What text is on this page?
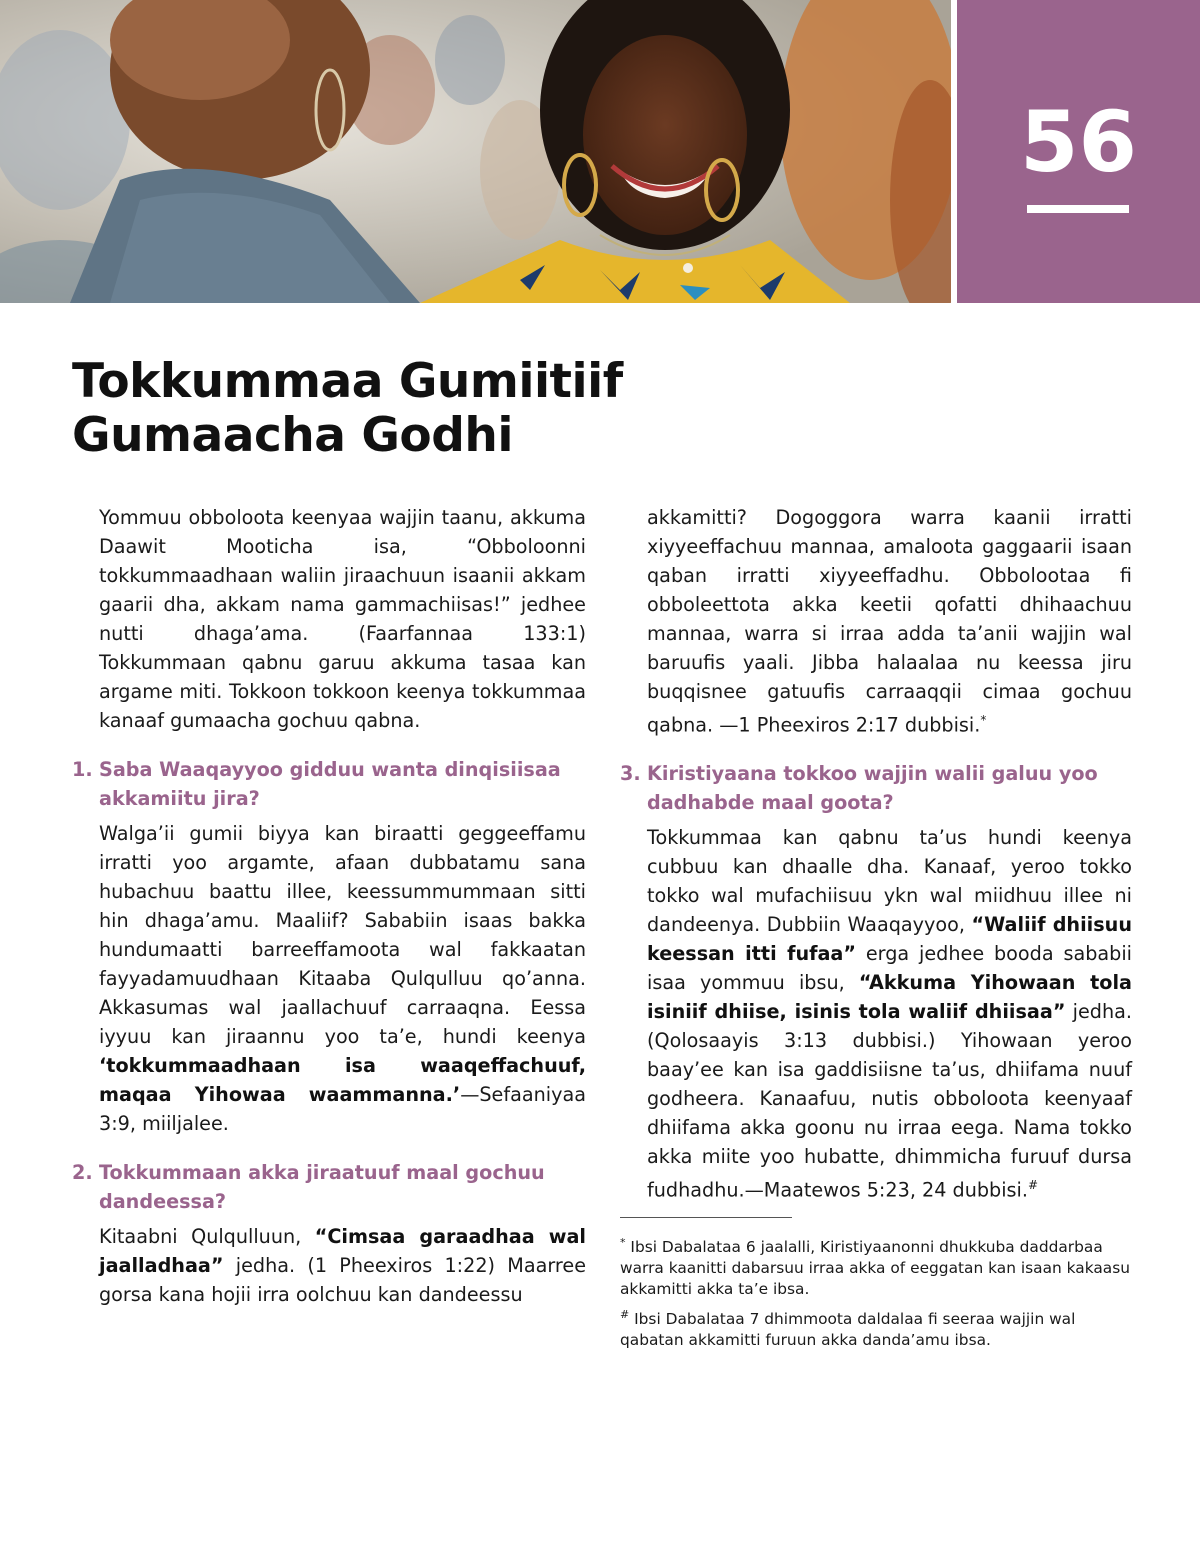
56
Tokkummaa Gumiitiif
Gumaacha Godhi

Yommuu obboloota keenyaa wajjin taanu, akkuma Daawit Mooticha isa, “Obboloonni tokkummaadhaan waliin jiraachuun isaanii akkam gaarii dha, akkam nama gammachiisas!” jedhee nutti dhaga’ama. (Faarfannaa 133:1) Tokkummaan qabnu garuu akkuma tasaa kan argame miti. Tokkoon tokkoon keenya tokkummaa kanaaf gumaacha gochuu qabna.

1. Saba Waaqayyoo gidduu wanta dinqisiisaa akkamiitu jira?

Walga’ii gumii biyya kan biraatti geggeeffamu irratti yoo argamte, afaan dubbatamu sana hubachuu baattu illee, keessummummaan sitti hin dhaga’amu. Maaliif? Sababiin isaas bakka hundumaatti barreeffamoota wal fakkaatan fayyadamuudhaan Kitaaba Qulqulluu qo’anna. Akkasumas wal jaallachuuf carraaqna. Eessa iyyuu kan jiraannu yoo ta’e, hundi keenya ‘tokkummaadhaan isa waaqeffachuuf, maqaa Yihowaa waammanna.’—Sefaaniyaa 3:9, miiljalee.

2. Tokkummaan akka jiraatuuf maal gochuu dandeessa?

Kitaabni Qulqulluun, “Cimsaa garaadhaa wal jaalladhaa” jedha. (1 Pheexiros 1:22) Maarree gorsa kana hojii irra oolchuu kan dandeessu

akkamitti? Dogoggora warra kaanii irratti xiyyeeffachuu mannaa, amaloota gaggaarii isaan qaban irratti xiyyeeffadhu. Obbolootaa fi obboleettota akka keetii qofatti dhihaachuu mannaa, warra si irraa adda ta’anii wajjin wal baruufis yaali. Jibba halaalaa nu keessa jiru buqqisnee gatuufis carraaqqii cimaa gochuu qabna. —1 Pheexiros 2:17 dubbisi.*

3. Kiristiyaana tokkoo wajjin walii galuu yoo dadhabde maal goota?

Tokkummaa kan qabnu ta’us hundi keenya cubbuu kan dhaalle dha. Kanaaf, yeroo tokko tokko wal mufachiisuu ykn wal miidhuu illee ni dandeenya. Dubbiin Waaqayyoo, “Waliif dhiisuu keessan itti fufaa” erga jedhee booda sababii isaa yommuu ibsu, “Akkuma Yihowaan tola isiniif dhiise, isinis tola waliif dhiisaa” jedha. (Qolosaayis 3:13 dubbisi.) Yihowaan yeroo baay’ee kan isa gaddisiisne ta’us, dhiifama nuuf godheera. Kanaafuu, nutis obboloota keenyaaf dhiifama akka goonu nu irraa eega. Nama tokko akka miite yoo hubatte, dhimmicha furuuf dursa fudhadhu.—Maatewos 5:23, 24 dubbisi.#

* Ibsi Dabalataa 6 jaalalli, Kiristiyaanonni dhukkuba daddarbaa warra kaanitti dabarsuu irraa akka of eeggatan kan isaan kakaasu akkamitti akka ta’e ibsa.

# Ibsi Dabalataa 7 dhimmoota daldalaa fi seeraa wajjin wal qabatan akkamitti furuun akka danda’amu ibsa.
